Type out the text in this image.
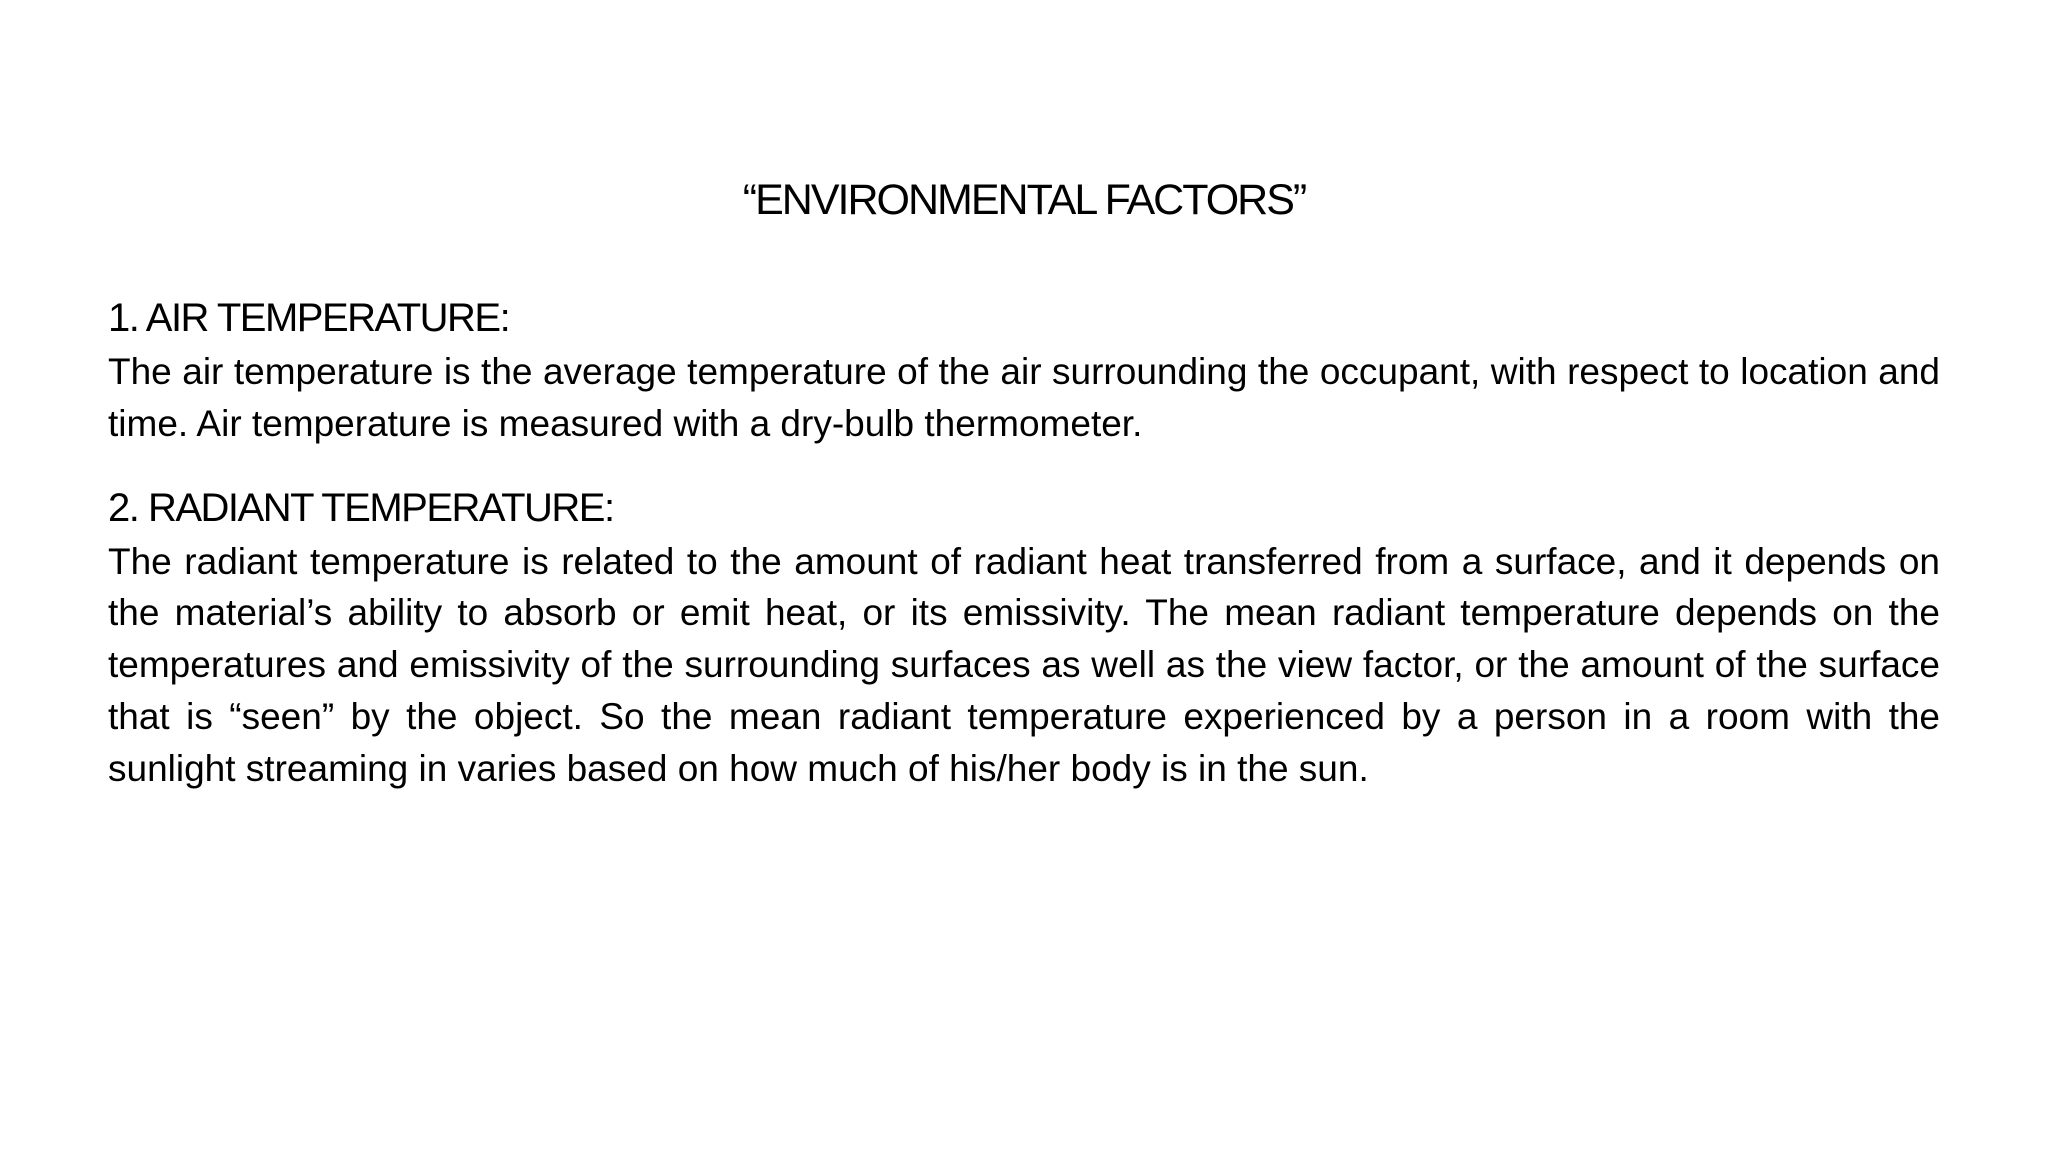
“ENVIRONMENTAL FACTORS”
1. AIR TEMPERATURE:

The air temperature is the average temperature of the air surrounding the occupant, with respect to location and time. Air temperature is measured with a dry-bulb thermometer.

2. RADIANT TEMPERATURE:

The radiant temperature is related to the amount of radiant heat transferred from a surface, and it depends on the material’s ability to absorb or emit heat, or its emissivity. The mean radiant temperature depends on the temperatures and emissivity of the surrounding surfaces as well as the view factor, or the amount of the surface that is “seen” by the object. So the mean radiant temperature experienced by a person in a room with the sunlight streaming in varies based on how much of his/her body is in the sun.
